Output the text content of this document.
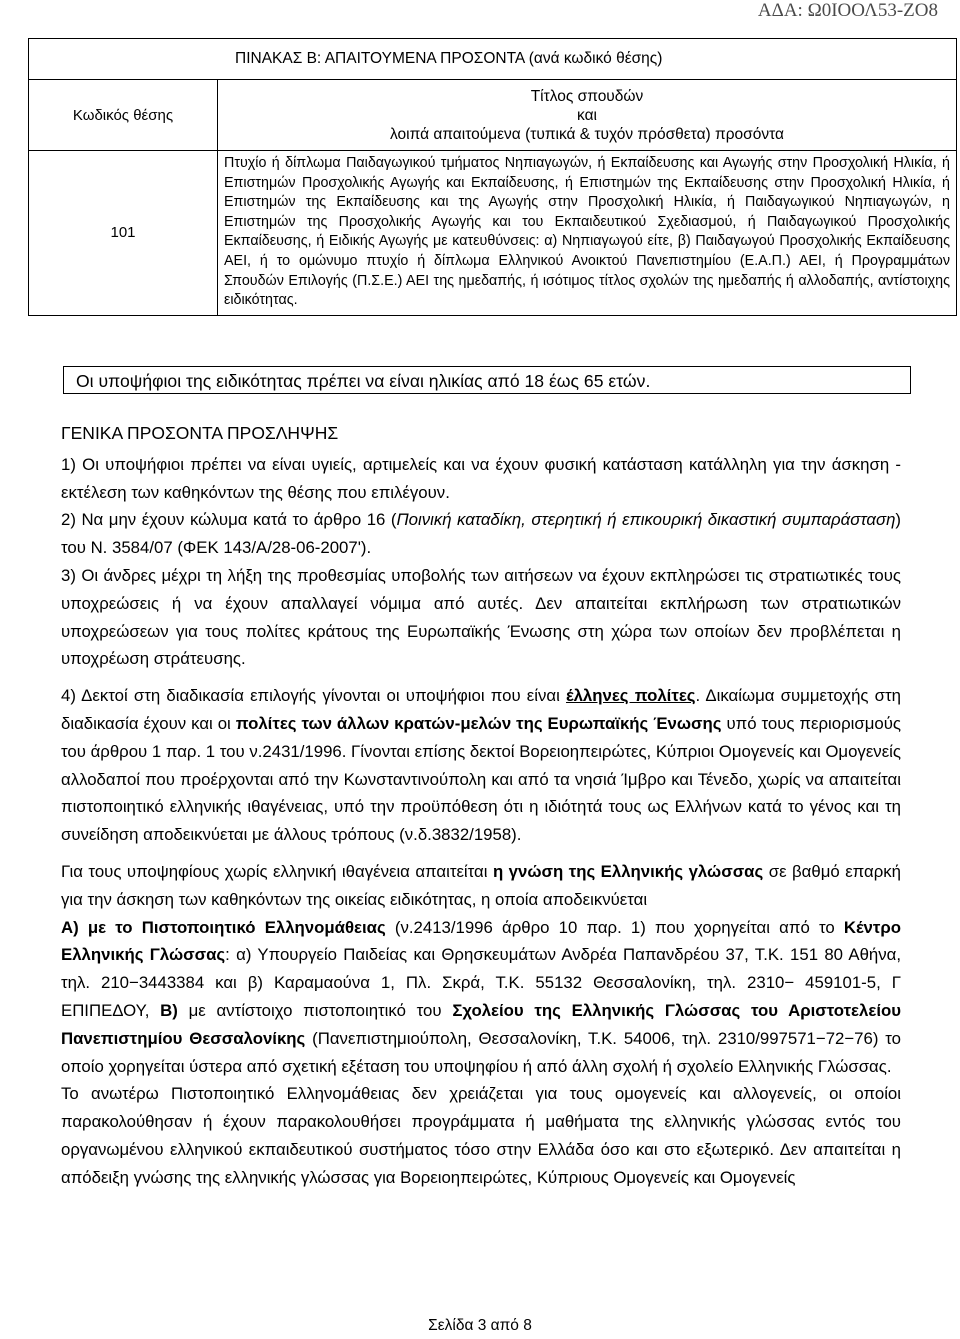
ΑΔΑ: Ω0ΙΟΟΛ53-ΖΟ8
ΠΙΝΑΚΑΣ Β: ΑΠΑΙΤΟΥΜΕΝΑ ΠΡΟΣΟΝΤΑ (ανά κωδικό θέσης)	
Κωδικός θέσης	Τίτλος σπουδών
και
λοιπά απαιτούμενα (τυπικά & τυχόν πρόσθετα) προσόντα

101	Πτυχίο ή δίπλωμα Παιδαγωγικού τμήματος Νηπιαγωγών, ή Εκπαίδευσης και Αγωγής στην Προσχολική Ηλικία, ή Επιστημών Προσχολικής Αγωγής και Εκπαίδευσης, ή Επιστημών της Εκπαίδευσης στην Προσχολική Ηλικία, ή Επιστημών της Εκπαίδευσης και της Αγωγής στην Προσχολική Ηλικία, ή Παιδαγωγικού Νηπιαγωγών, η Επιστημών της Προσχολικής Αγωγής και του Εκπαιδευτικού Σχεδιασμού, ή Παιδαγωγικού Προσχολικής Εκπαίδευσης, ή Ειδικής Αγωγής με κατευθύνσεις: α) Νηπιαγωγού είτε, β) Παιδαγωγού Προσχολικής Εκπαίδευσης ΑΕΙ, ή το ομώνυμο πτυχίο ή δίπλωμα Ελληνικού Ανοικτού Πανεπιστημίου (Ε.Α.Π.) ΑΕΙ, ή Προγραμμάτων Σπουδών Επιλογής (Π.Σ.Ε.) ΑΕΙ της ημεδαπής, ή ισότιμος τίτλος σχολών της ημεδαπής ή αλλοδαπής, αντίστοιχης ειδικότητας.
Οι υποψήφιοι της ειδικότητας πρέπει να είναι ηλικίας από 18 έως 65 ετών.
ΓΕΝΙΚΑ ΠΡΟΣΟΝΤΑ ΠΡΟΣΛΗΨΗΣ

1) Οι υποψήφιοι πρέπει να είναι υγιείς, αρτιμελείς και να έχουν φυσική κατάσταση κατάλληλη για την άσκηση - εκτέλεση των καθηκόντων της θέσης που επιλέγουν.

2) Να μην έχουν κώλυμα κατά το άρθρο 16 (Ποινική καταδίκη, στερητική ή επικουρική δικαστική συμπαράσταση) του Ν. 3584/07 (ΦΕΚ 143/Α/28-06-2007').

3) Οι άνδρες μέχρι τη λήξη της προθεσμίας υποβολής των αιτήσεων να έχουν εκπληρώσει τις στρατιωτικές τους υποχρεώσεις ή να έχουν απαλλαγεί νόμιμα από αυτές. Δεν απαιτείται εκπλήρωση των στρατιωτικών υποχρεώσεων για τους πολίτες κράτους της Ευρωπαϊκής Ένωσης στη χώρα των οποίων δεν προβλέπεται η υποχρέωση στράτευσης.

4) Δεκτοί στη διαδικασία επιλογής γίνονται οι υποψήφιοι που είναι έλληνες πολίτες. Δικαίωμα συμμετοχής στη διαδικασία έχουν και οι πολίτες των άλλων κρατών-μελών της Ευρωπαϊκής Ένωσης υπό τους περιορισμούς του άρθρου 1 παρ. 1 του ν.2431/1996. Γίνονται επίσης δεκτοί Βορειοηπειρώτες, Κύπριοι Ομογενείς και Ομογενείς αλλοδαποί που προέρχονται από την Κωνσταντινούπολη και από τα νησιά Ίμβρο και Τένεδο, χωρίς να απαιτείται πιστοποιητικό ελληνικής ιθαγένειας, υπό την προϋπόθεση ότι η ιδιότητά τους ως Ελλήνων κατά το γένος και τη συνείδηση αποδεικνύεται με άλλους τρόπους (ν.δ.3832/1958).

Για τους υποψηφίους χωρίς ελληνική ιθαγένεια απαιτείται η γνώση της Ελληνικής γλώσσας σε βαθμό επαρκή για την άσκηση των καθηκόντων της οικείας ειδικότητας, η οποία αποδεικνύεται

Α) με το Πιστοποιητικό Ελληνομάθειας (ν.2413/1996 άρθρο 10 παρ. 1) που χορηγείται από το Κέντρο Ελληνικής Γλώσσας: α) Υπουργείο Παιδείας και Θρησκευμάτων Ανδρέα Παπανδρέου 37, Τ.Κ. 151 80 Αθήνα, τηλ. 210−3443384 και β) Καραμαούνα 1, Πλ. Σκρά, Τ.Κ. 55132 Θεσσαλονίκη, τηλ. 2310− 459101-5, Γ ΕΠΙΠΕΔΟΥ, Β) με αντίστοιχο πιστοποιητικό του Σχολείου της Ελληνικής Γλώσσας του Αριστοτελείου Πανεπιστημίου Θεσσαλονίκης (Πανεπιστημιούπολη, Θεσσαλονίκη, Τ.Κ. 54006, τηλ. 2310/997571−72−76) το οποίο χορηγείται ύστερα από σχετική εξέταση του υποψηφίου ή από άλλη σχολή ή σχολείο Ελληνικής Γλώσσας.

Το ανωτέρω Πιστοποιητικό Ελληνομάθειας δεν χρειάζεται για τους ομογενείς και αλλογενείς, οι οποίοι παρακολούθησαν ή έχουν παρακολουθήσει προγράμματα ή μαθήματα της ελληνικής γλώσσας εντός του οργανωμένου ελληνικού εκπαιδευτικού συστήματος τόσο στην Ελλάδα όσο και στο εξωτερικό. Δεν απαιτείται η απόδειξη γνώσης της ελληνικής γλώσσας για Βορειοηπειρώτες, Κύπριους Ομογενείς και Ομογενείς

Σελίδα 3 από 8
